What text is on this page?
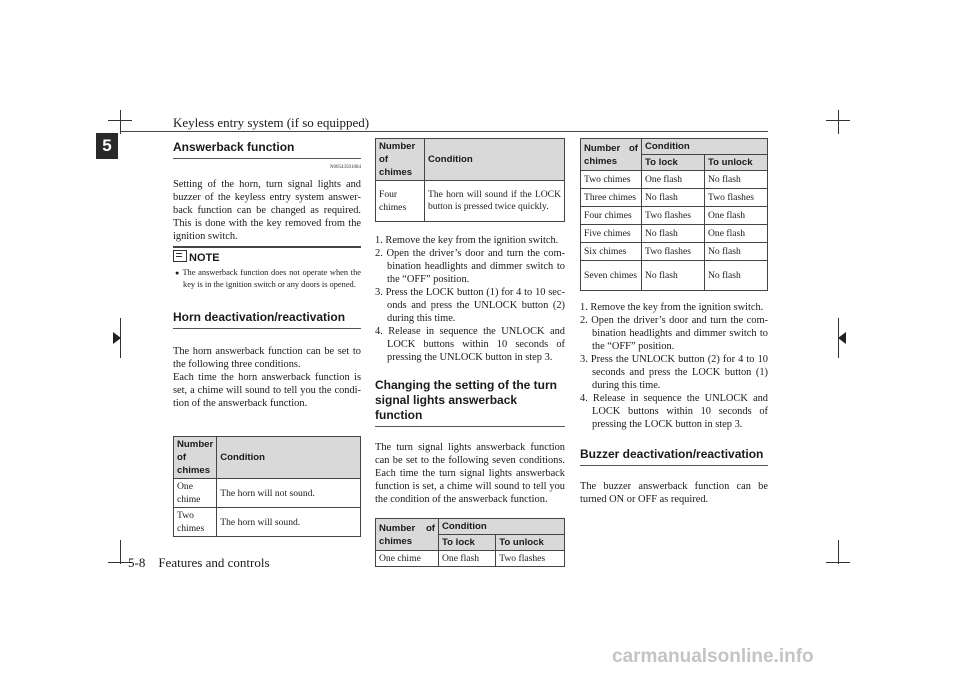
Keyless entry system (if so equipped)
5
5-8    Features and controls
Answerback function
N00543501084

Setting of the horn, turn signal lights and buzzer of the keyless entry system answer-back function can be changed as required. This is done with the key removed from the ignition switch.

NOTE
● The answerback function does not operate when the key is in the ignition switch or any doors is opened.
Horn deactivation/reactivation

The horn answerback function can be set to the following three conditions.
Each time the horn answerback function is set, a chime will sound to tell you the condi-tion of the answerback function.

Number of chimes	Condition
One chime	The horn will not sound.
Two chimes	The horn will sound.
Number of chimes	Condition
Four chimes	The horn will sound if the LOCK button is pressed twice quickly.
1. Remove the key from the ignition switch.
2. Open the driver’s door and turn the com-bination headlights and dimmer switch to the “OFF” position.
3. Press the LOCK button (1) for 4 to 10 sec-onds and press the UNLOCK button (2) during this time.
4. Release in sequence the UNLOCK and LOCK buttons within 10 seconds of pressing the UNLOCK button in step 3.
Changing the setting of the turn signal lights answerback function

The turn signal lights answerback function can be set to the following seven conditions. Each time the turn signal lights answerback function is set, a chime will sound to tell you the condition of the answerback function.

Number of chimes	Condition	
	To lock	To unlock
One chime	One flash	Two flashes
Number of chimes	Condition	
	To lock	To unlock
Two chimes	One flash	No flash
Three chimes	No flash	Two flashes
Four chimes	Two flashes	One flash
Five chimes	No flash	One flash
Six chimes	Two flashes	No flash
Seven chimes	No flash	No flash
1. Remove the key from the ignition switch.
2. Open the driver’s door and turn the com-bination headlights and dimmer switch to the “OFF” position.
3. Press the UNLOCK button (2) for 4 to 10 seconds and press the LOCK button (1) during this time.
4. Release in sequence the UNLOCK and LOCK buttons within 10 seconds of pressing the LOCK button in step 3.
Buzzer deactivation/reactivation

The buzzer answerback function can be turned ON or OFF as required.

carmanualsonline.info
